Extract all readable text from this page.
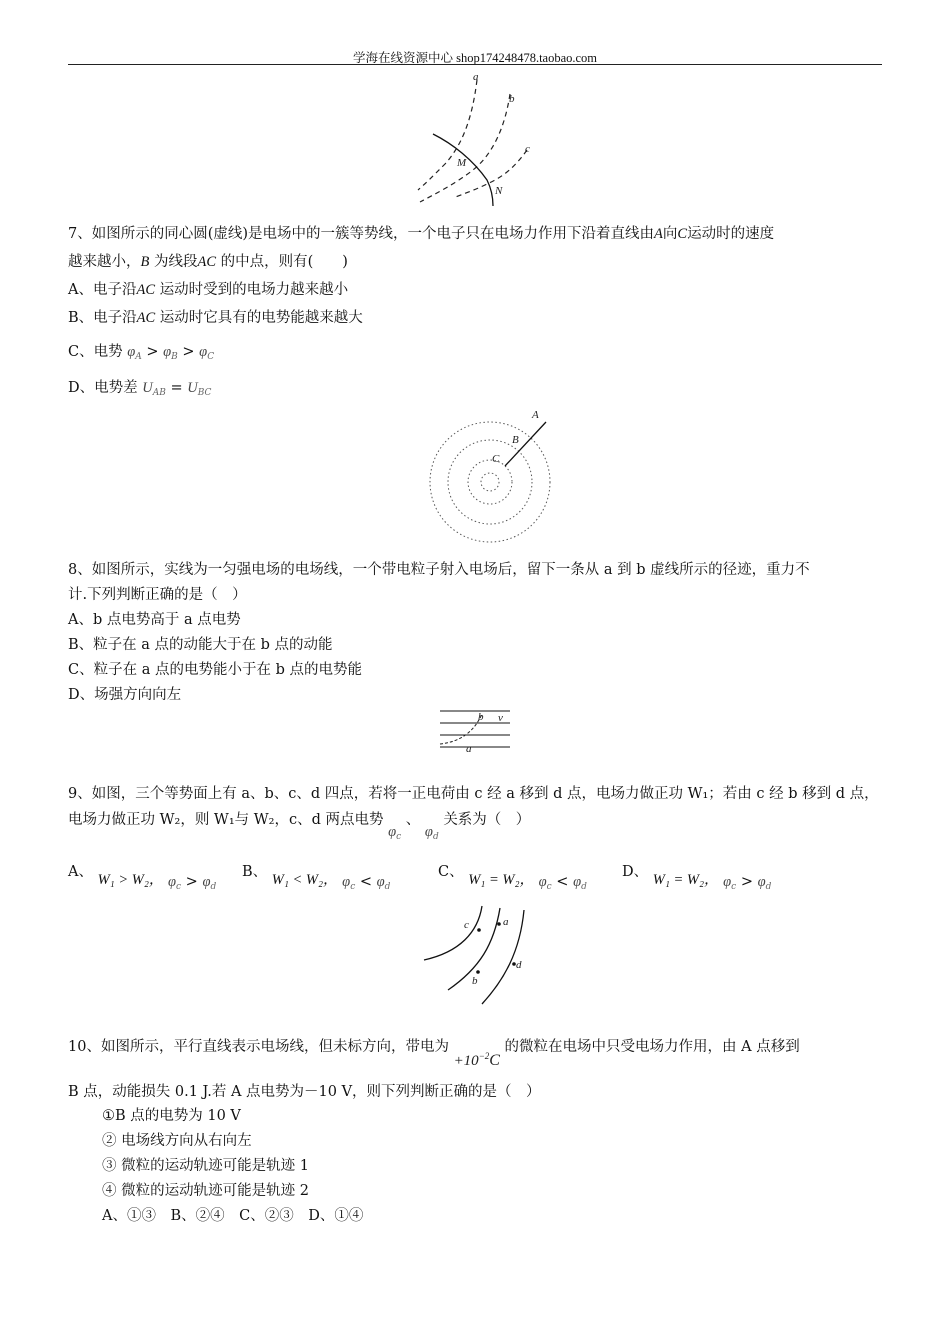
学海在线资源中心 shop174248478.taobao.com
a
b
c
M
N
7、如图所示的同心圆(虚线)是电场中的一簇等势线，一个电子只在电场力作用下沿着直线由A向C运动时的速度
越来越小，B 为线段AC 的中点，则有(　　)
A、电子沿AC 运动时受到的电场力越来越小
B、电子沿AC 运动时它具有的电势能越来越大
C、电势 $\varphi_A > \varphi_B > \varphi_C$
D、电势差 $U_{AB} = U_{BC}$
A
B
C
8、如图所示，实线为一匀强电场的电场线，一个带电粒子射入电场后，留下一条从 a 到 b 虚线所示的径迹，重力不
计.下列判断正确的是（　）
A、b 点电势高于 a 点电势
B、粒子在 a 点的动能大于在 b 点的动能
C、粒子在 a 点的电势能小于在 b 点的电势能
D、场强方向向左
b v
a
9、如图，三个等势面上有 a、b、c、d 四点，若将一正电荷由 c 经 a 移到 d 点，电场力做正功 W₁；若由 c 经 b 移到 d 点，
电场力做正功 W₂，则 W₁与 W₂，c、d 两点电势 $\varphi_c$ 、 $\varphi_d$ 关系为（　）
A、 W₁ > W₂， $\varphi_c > \varphi_d$
B、 W₁ < W₂， $\varphi_c < \varphi_d$
C、 W₁ = W₂， $\varphi_c < \varphi_d$
D、 W₁ = W₂， $\varphi_c > \varphi_d$
c	a
d
b
10、如图所示，平行直线表示电场线，但未标方向，带电为 $+10^{-2}C$ 的微粒在电场中只受电场力作用，由 A 点移到
B 点，动能损失 0.1 J.若 A 点电势为－10 V，则下列判断正确的是（　）
①B 点的电势为 10 V
② 电场线方向从右向左
③ 微粒的运动轨迹可能是轨迹 1
④ 微粒的运动轨迹可能是轨迹 2
A、①③　B、②④　C、②③　D、①④
